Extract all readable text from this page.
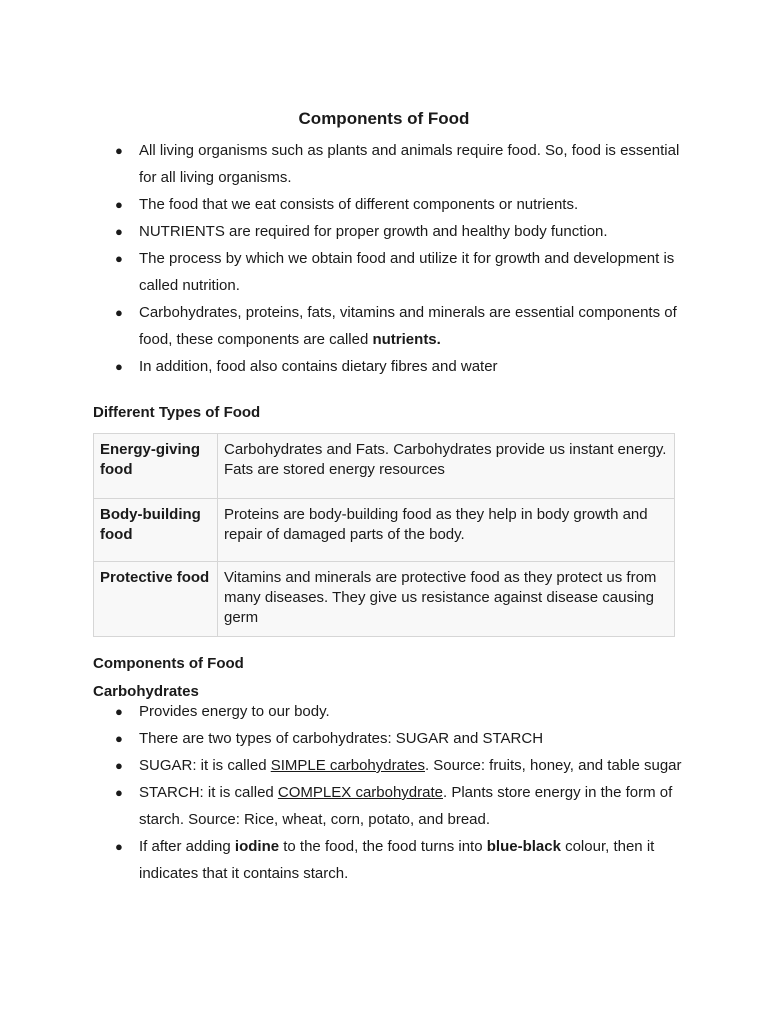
Components of Food
● All living organisms such as plants and animals require food. So, food is essential for all living organisms.
● The food that we eat consists of different components or nutrients.
● NUTRIENTS are required for proper growth and healthy body function.
● The process by which we obtain food and utilize it for growth and development is called nutrition.
● Carbohydrates, proteins, fats, vitamins and minerals are essential components of food, these components are called nutrients.
● In addition, food also contains dietary fibres and water
Different Types of Food
Energy-giving food	Carbohydrates and Fats. Carbohydrates provide us instant energy. Fats are stored energy resources
Body-building food	Proteins are body-building food as they help in body growth and repair of damaged parts of the body.
Protective food	Vitamins and minerals are protective food as they protect us from many diseases. They give us resistance against disease causing germ
Components of Food
Carbohydrates
● Provides energy to our body.
● There are two types of carbohydrates: SUGAR and STARCH
● SUGAR: it is called SIMPLE carbohydrates. Source: fruits, honey, and table sugar
● STARCH: it is called COMPLEX carbohydrate. Plants store energy in the form of starch. Source: Rice, wheat, corn, potato, and bread.
● If after adding iodine to the food, the food turns into blue-black colour, then it indicates that it contains starch.
